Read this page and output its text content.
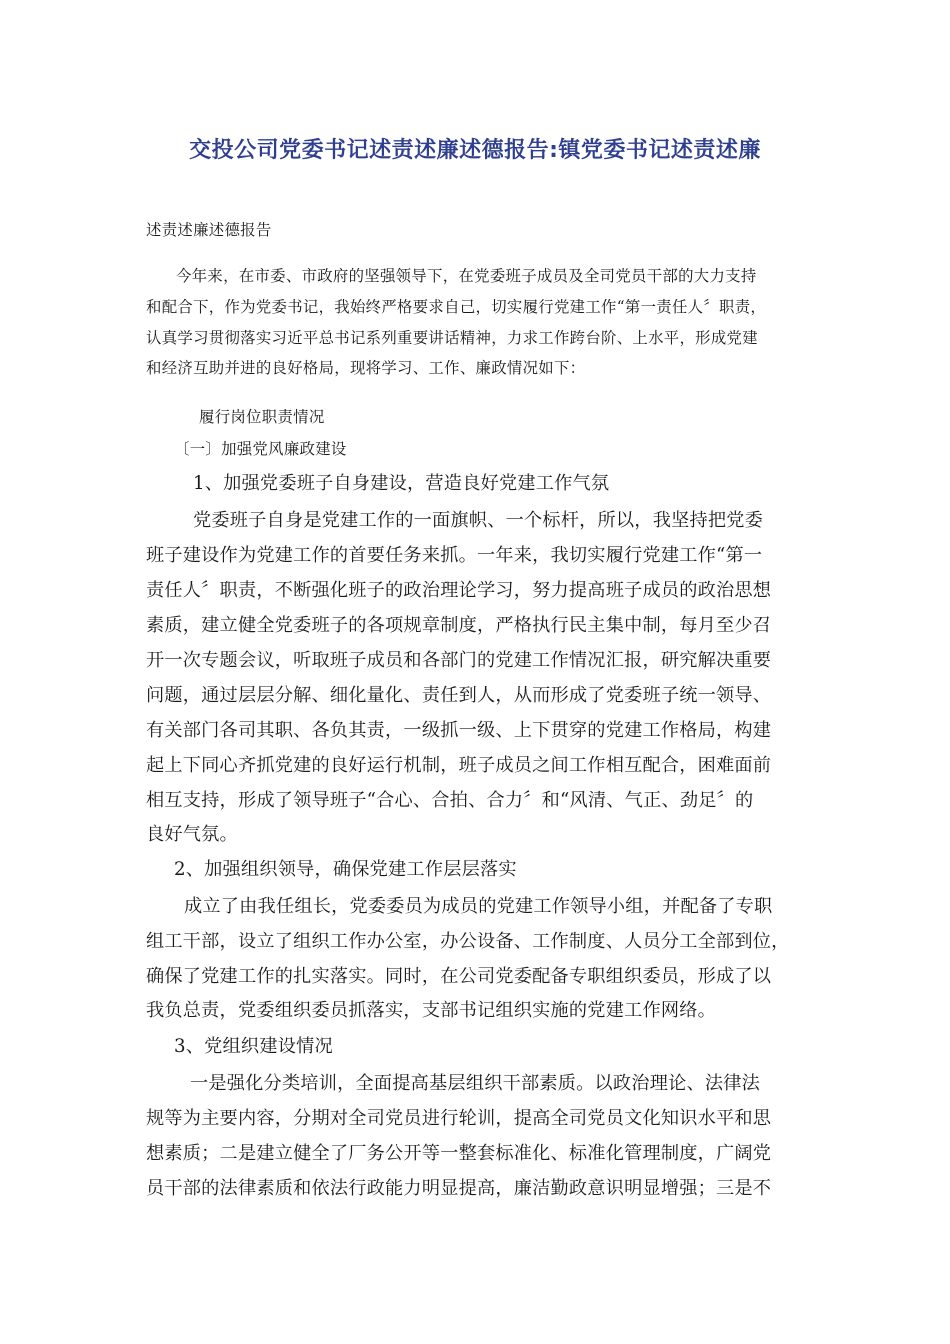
交投公司党委书记述责述廉述德报告:镇党委书记述责述廉

述责述廉述德报告

今年来，在市委、市政府的坚强领导下，在党委班子成员及全司党员干部的大力支持

和配合下，作为党委书记，我始终严格要求自己，切实履行党建工作“第一责任人〞职责，

认真学习贯彻落实习近平总书记系列重要讲话精神，力求工作跨台阶、上水平，形成党建

和经济互助并进的良好格局，现将学习、工作、廉政情况如下：

履行岗位职责情况

〔一〕加强党风廉政建设

1、加强党委班子自身建设，营造良好党建工作气氛

党委班子自身是党建工作的一面旗帜、一个标杆，所以，我坚持把党委

班子建设作为党建工作的首要任务来抓。一年来，我切实履行党建工作“第一

责任人〞职责，不断强化班子的政治理论学习，努力提高班子成员的政治思想

素质，建立健全党委班子的各项规章制度，严格执行民主集中制，每月至少召

开一次专题会议，听取班子成员和各部门的党建工作情况汇报，研究解决重要

问题，通过层层分解、细化量化、责任到人，从而形成了党委班子统一领导、

有关部门各司其职、各负其责，一级抓一级、上下贯穿的党建工作格局，构建

起上下同心齐抓党建的良好运行机制，班子成员之间工作相互配合，困难面前

相互支持，形成了领导班子“合心、合拍、合力〞和“风清、气正、劲足〞的

良好气氛。

2、加强组织领导，确保党建工作层层落实

成立了由我任组长，党委委员为成员的党建工作领导小组，并配备了专职

组工干部，设立了组织工作办公室，办公设备、工作制度、人员分工全部到位，

确保了党建工作的扎实落实。同时，在公司党委配备专职组织委员，形成了以

我负总责，党委组织委员抓落实，支部书记组织实施的党建工作网络。

3、党组织建设情况

一是强化分类培训，全面提高基层组织干部素质。以政治理论、法律法

规等为主要内容，分期对全司党员进行轮训，提高全司党员文化知识水平和思

想素质；二是建立健全了厂务公开等一整套标准化、标准化管理制度，广阔党

员干部的法律素质和依法行政能力明显提高，廉洁勤政意识明显增强；三是不
